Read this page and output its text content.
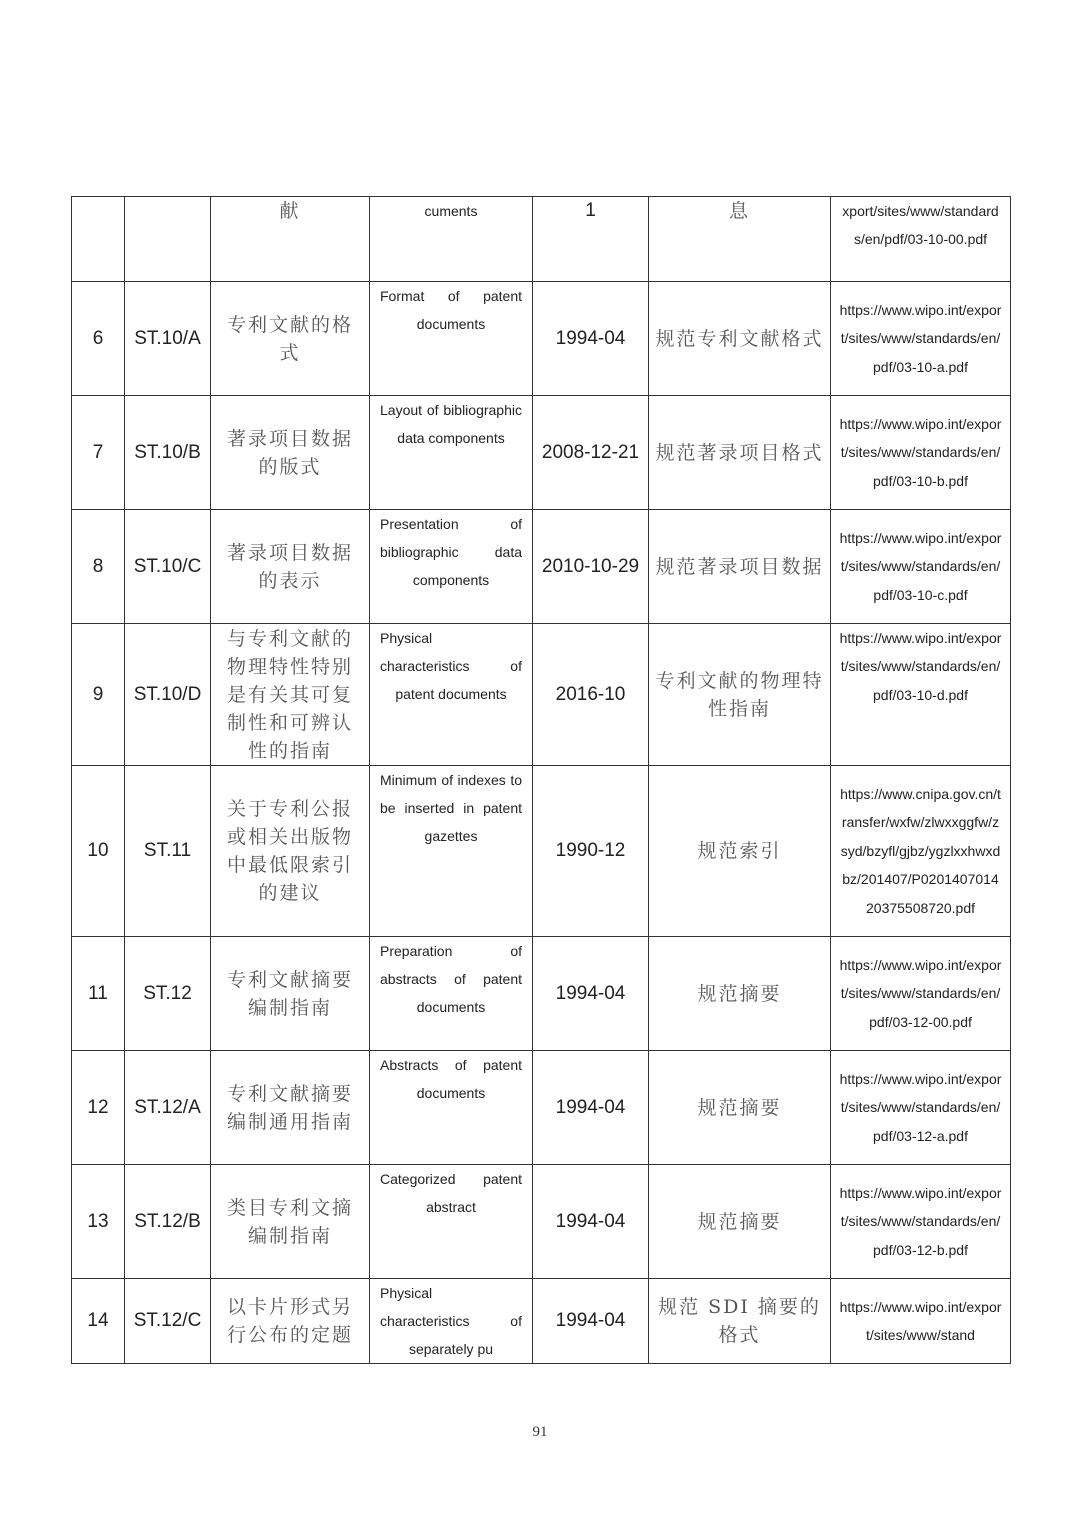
		献	cuments	1	息	xport/sites/www/standards/en/pdf/03-10-00.pdf
6	ST.10/A	专利文献的格式	Format of patent documents	1994-04	规范专利文献格式	https://www.wipo.int/export/sites/www/standards/en/pdf/03-10-a.pdf
7	ST.10/B	著录项目数据的版式	Layout of bibliographic data components	2008-12-21	规范著录项目格式	https://www.wipo.int/export/sites/www/standards/en/pdf/03-10-b.pdf
8	ST.10/C	著录项目数据的表示	Presentation of bibliographic data components	2010-10-29	规范著录项目数据	https://www.wipo.int/export/sites/www/standards/en/pdf/03-10-c.pdf
9	ST.10/D	与专利文献的物理特性特别是有关其可复制性和可辨认性的指南	Physical characteristics of patent documents	2016-10	专利文献的物理特性指南	https://www.wipo.int/export/sites/www/standards/en/pdf/03-10-d.pdf
10	ST.11	关于专利公报或相关出版物中最低限索引的建议	Minimum of indexes to be inserted in patent gazettes	1990-12	规范索引	https://www.cnipa.gov.cn/transfer/wxfw/zlwxxggfw/zsyd/bzyfl/gjbz/ygzlxxhwxdbz/201407/P020140701420375508720.pdf
11	ST.12	专利文献摘要编制指南	Preparation of abstracts of patent documents	1994-04	规范摘要	https://www.wipo.int/export/sites/www/standards/en/pdf/03-12-00.pdf
12	ST.12/A	专利文献摘要编制通用指南	Abstracts of patent documents	1994-04	规范摘要	https://www.wipo.int/export/sites/www/standards/en/pdf/03-12-a.pdf
13	ST.12/B	类目专利文摘编制指南	Categorized patent abstract	1994-04	规范摘要	https://www.wipo.int/export/sites/www/standards/en/pdf/03-12-b.pdf
14	ST.12/C	以卡片形式另行公布的定题	Physical characteristics of separately pu	1994-04	规范 SDI 摘要的格式	https://www.wipo.int/export/sites/www/stand
91
